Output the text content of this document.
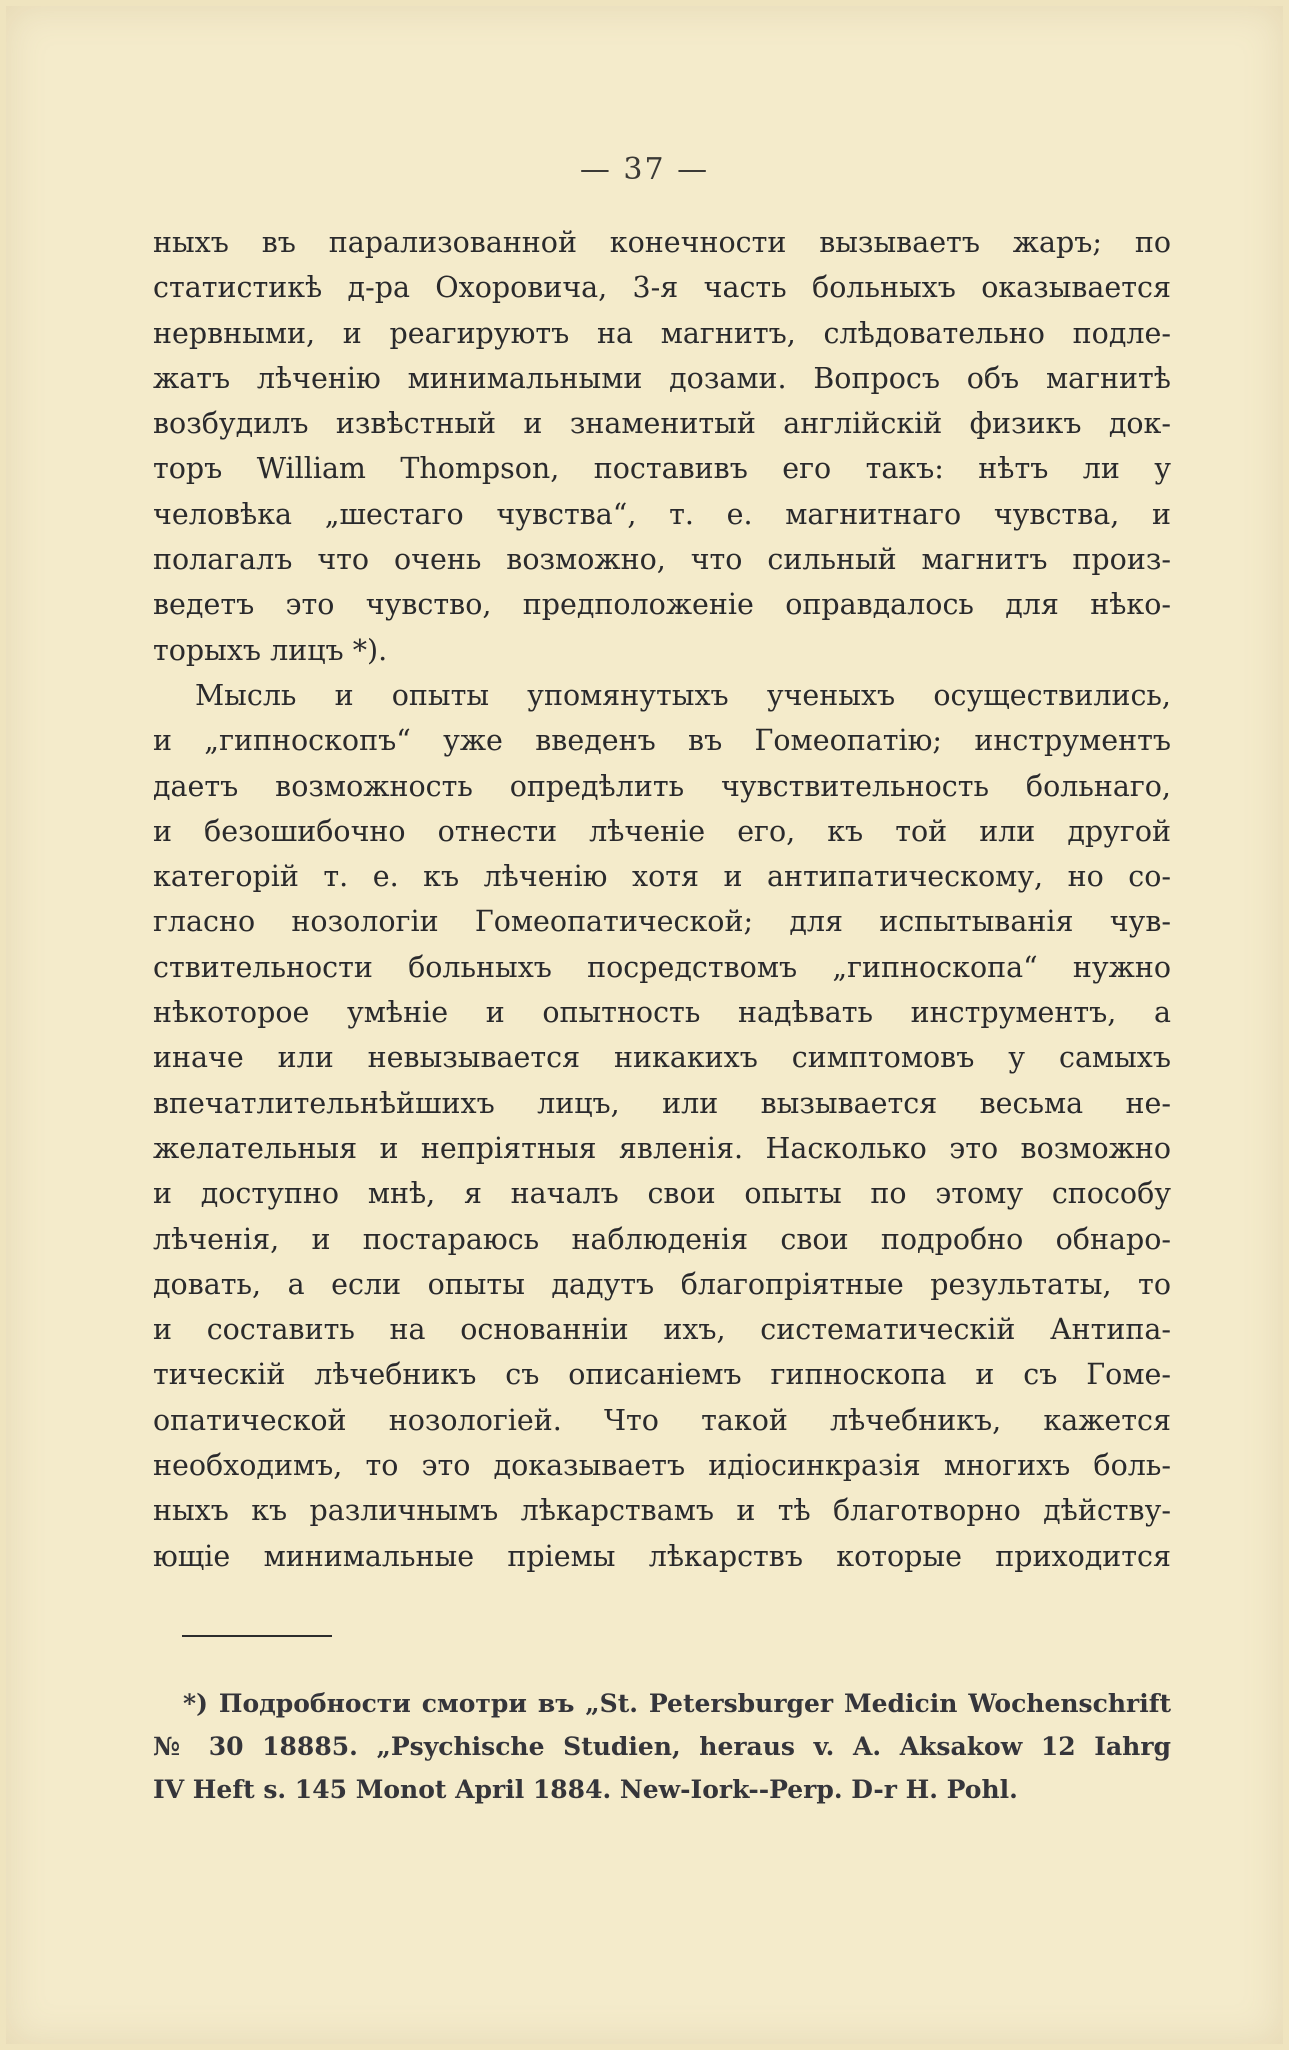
— 37 —
ныхъ въ парализованной конечности вызываетъ жаръ; по
статистикѣ д-ра Охоровича, 3-я часть больныхъ оказывается
нервными, и реагируютъ на магнитъ, слѣдовательно подле-
жатъ лѣченію минимальными дозами. Вопросъ объ магнитѣ
возбудилъ извѣстный и знаменитый англійскій физикъ док-
торъ William Thompson, поставивъ его такъ: нѣтъ ли у
человѣка „шестаго чувства“, т. е. магнитнаго чувства, и
полагалъ что очень возможно, что сильный магнитъ произ-
ведетъ это чувство, предположеніе оправдалось для нѣко-
торыхъ лицъ *).
Мысль и опыты упомянутыхъ ученыхъ осуществились,
и „гипноскопъ“ уже введенъ въ Гомеопатію; инструментъ
даетъ возможность опредѣлить чувствительность больнаго,
и безошибочно отнести лѣченіе его, къ той или другой
категорій т. е. къ лѣченію хотя и антипатическому, но со-
гласно нозологіи Гомеопатической; для испытыванія чув-
ствительности больныхъ посредствомъ „гипноскопа“ нужно
нѣкоторое умѣніе и опытность надѣвать инструментъ, а
иначе или невызывается никакихъ симптомовъ у самыхъ
впечатлительнѣйшихъ лицъ, или вызывается весьма не-
желательныя и непріятныя явленія. Насколько это возможно
и доступно мнѣ, я началъ свои опыты по этому способу
лѣченія, и постараюсь наблюденія свои подробно обнаро-
довать, а если опыты дадутъ благопріятные результаты, то
и составить на основанніи ихъ, систематическій Антипа-
тическій лѣчебникъ съ описаніемъ гипноскопа и съ Гоме-
опатической нозологіей. Что такой лѣчебникъ, кажется
необходимъ, то это доказываетъ идіосинкразія многихъ боль-
ныхъ къ различнымъ лѣкарствамъ и тѣ благотворно дѣйству-
ющіе минимальные пріемы лѣкарствъ которые приходится
*) Подробности смотри въ „St. Petersburger Medicin Wochenschrift
№ 30 18885. „Psychische Studien, heraus v. A. Aksakow 12 Iahrg
IV Heft s. 145 Monot April 1884. New-Iork--Perp. D-r H. Pohl.
